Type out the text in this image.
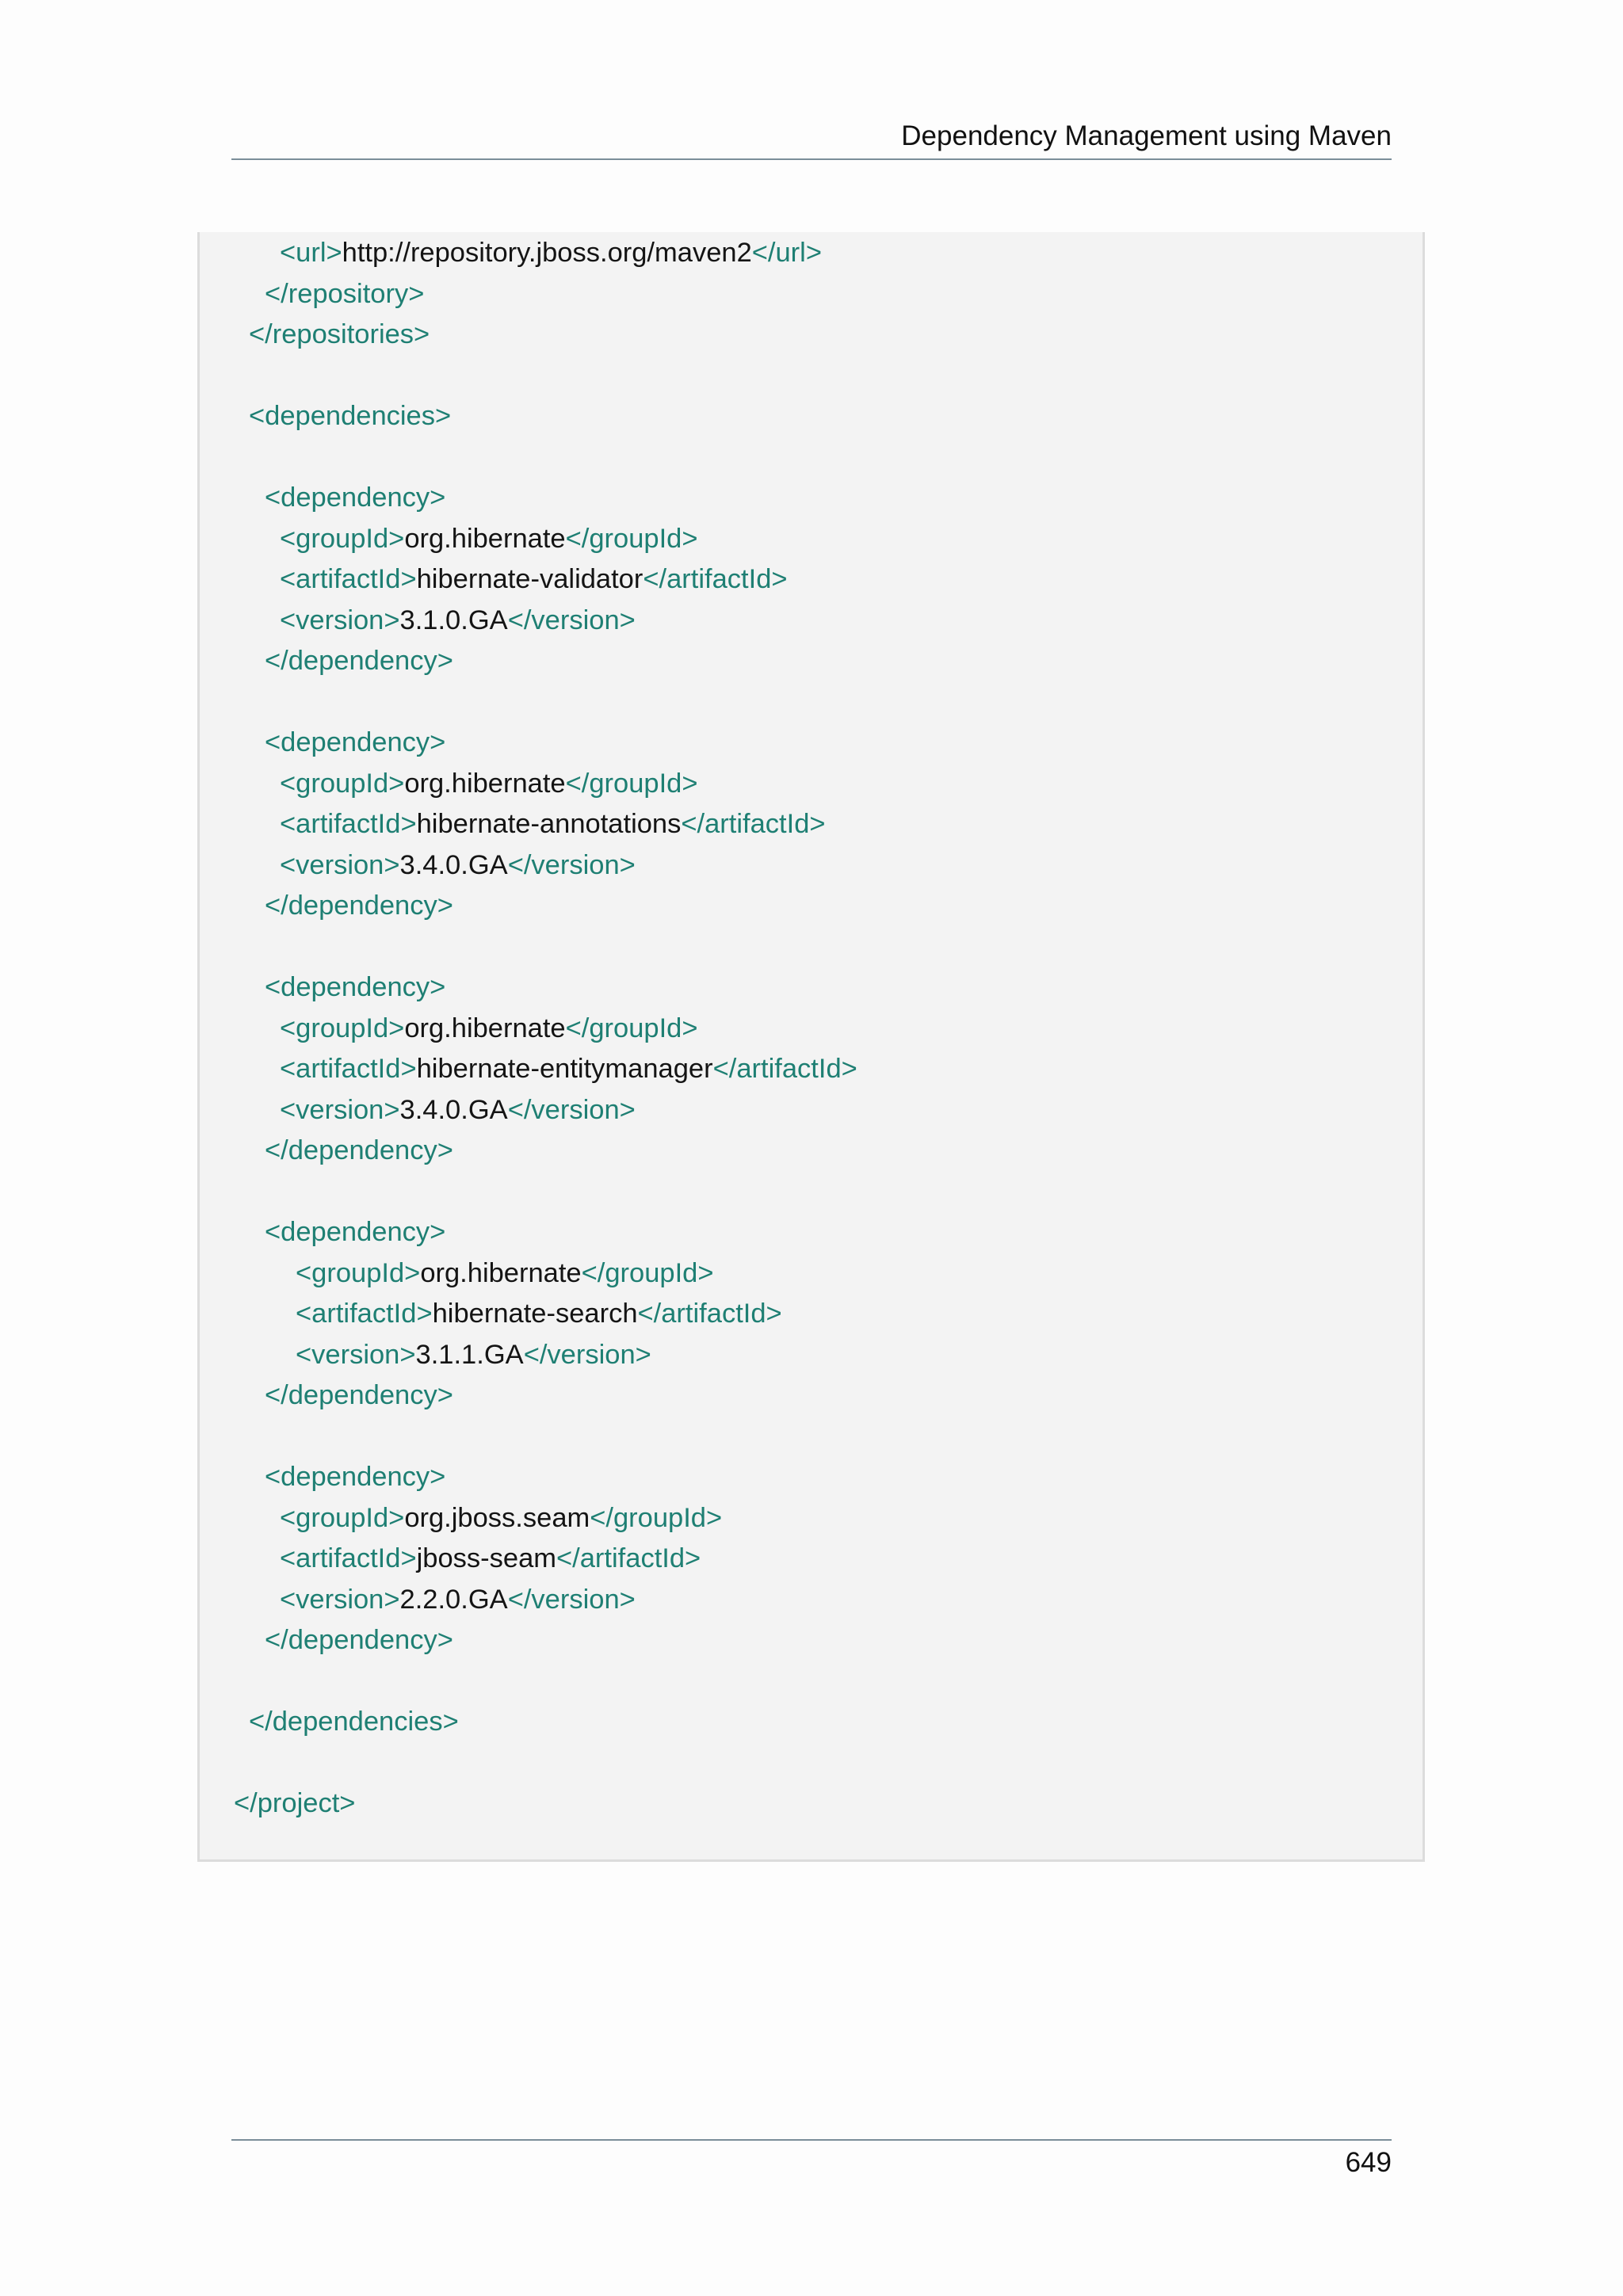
Dependency Management using Maven
<url>http://repository.jboss.org/maven2</url>
</repository>
</repositories>
<dependencies>
<dependency>
<groupId>org.hibernate</groupId>
<artifactId>hibernate-validator</artifactId>
<version>3.1.0.GA</version>
</dependency>
<dependency>
<groupId>org.hibernate</groupId>
<artifactId>hibernate-annotations</artifactId>
<version>3.4.0.GA</version>
</dependency>
<dependency>
<groupId>org.hibernate</groupId>
<artifactId>hibernate-entitymanager</artifactId>
<version>3.4.0.GA</version>
</dependency>
<dependency>
<groupId>org.hibernate</groupId>
<artifactId>hibernate-search</artifactId>
<version>3.1.1.GA</version>
</dependency>
<dependency>
<groupId>org.jboss.seam</groupId>
<artifactId>jboss-seam</artifactId>
<version>2.2.0.GA</version>
</dependency>
</dependencies>
</project>
649
